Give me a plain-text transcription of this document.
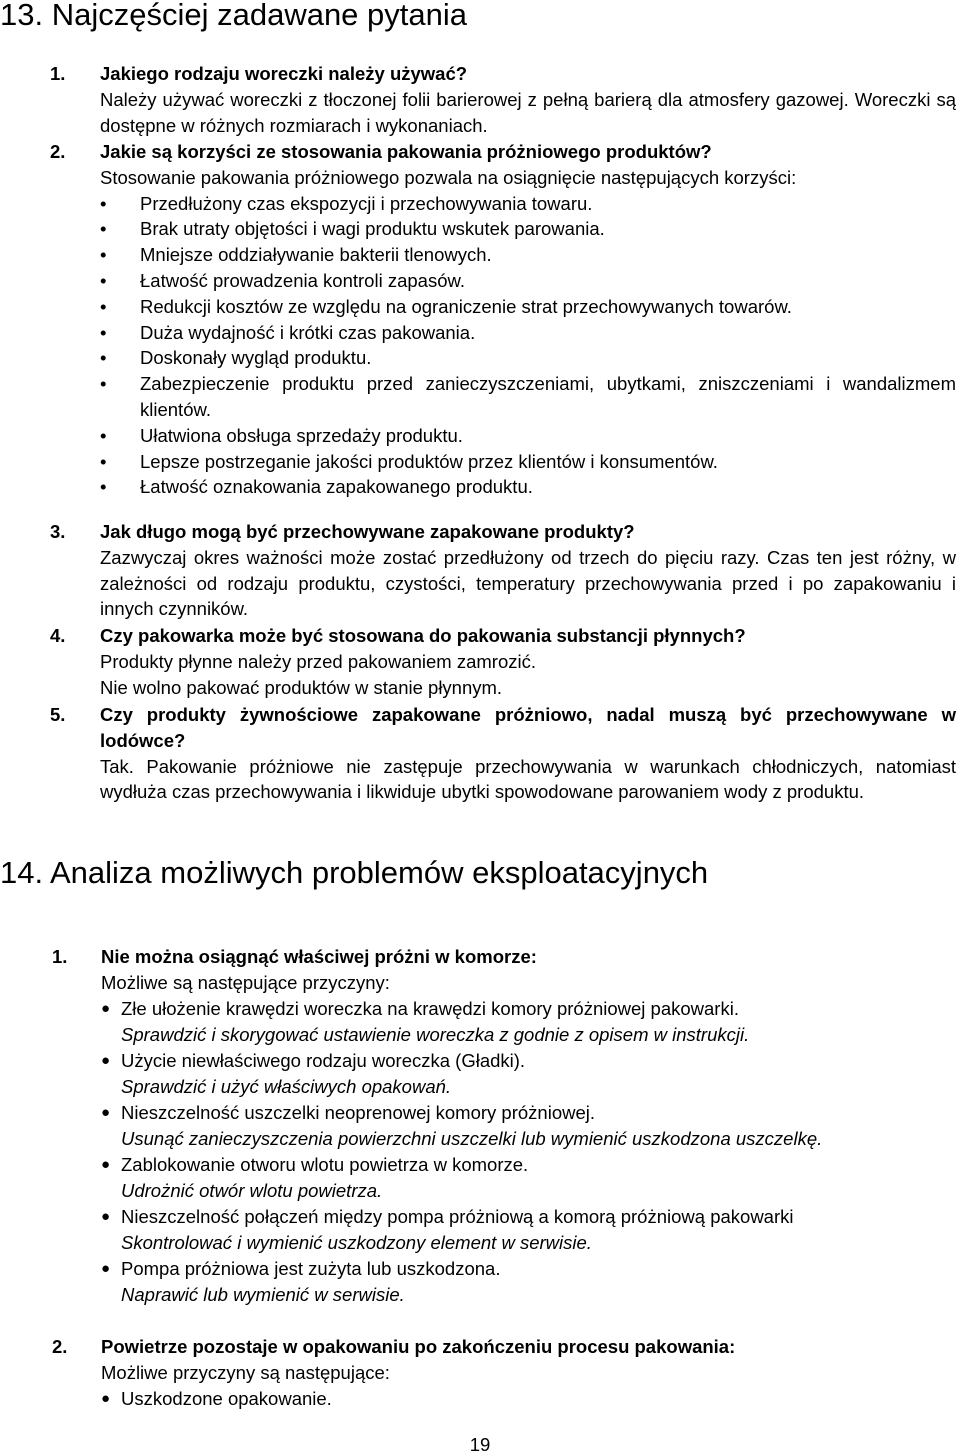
13. Najczęściej zadawane pytania
1. Jakiego rodzaju woreczki należy używać?
Należy używać woreczki z tłoczonej folii barierowej z pełną barierą dla atmosfery gazowej. Woreczki są dostępne w różnych rozmiarach i wykonaniach.
2. Jakie są korzyści ze stosowania pakowania próżniowego produktów?
Stosowanie pakowania próżniowego pozwala na osiągnięcie następujących korzyści:
• Przedłużony czas ekspozycji i przechowywania towaru.
• Brak utraty objętości i wagi produktu wskutek parowania.
• Mniejsze oddziaływanie bakterii tlenowych.
• Łatwość prowadzenia kontroli zapasów.
• Redukcji kosztów ze względu na ograniczenie strat przechowywanych towarów.
• Duża wydajność i krótki czas pakowania.
• Doskonały wygląd produktu.
• Zabezpieczenie produktu przed zanieczyszczeniami, ubytkami, zniszczeniami i wandalizmem klientów.
• Ułatwiona obsługa sprzedaży produktu.
• Lepsze postrzeganie jakości produktów przez klientów i konsumentów.
• Łatwość oznakowania zapakowanego produktu.
3. Jak długo mogą być przechowywane zapakowane produkty?
Zazwyczaj okres ważności może zostać przedłużony od trzech do pięciu razy. Czas ten jest różny, w zależności od rodzaju produktu, czystości, temperatury przechowywania przed i po zapakowaniu i innych czynników.
4. Czy pakowarka może być stosowana do pakowania substancji płynnych?
Produkty płynne należy przed pakowaniem zamrozić.
Nie wolno pakować produktów w stanie płynnym.
5. Czy produkty żywnościowe zapakowane próżniowo, nadal muszą być przechowywane w lodówce?
Tak. Pakowanie próżniowe nie zastępuje przechowywania w warunkach chłodniczych, natomiast wydłuża czas przechowywania i likwiduje ubytki spowodowane parowaniem wody z produktu.
14. Analiza możliwych problemów eksploatacyjnych
1. Nie można osiągnąć właściwej próżni w komorze:
Możliwe są następujące przyczyny:
● Złe ułożenie krawędzi woreczka na krawędzi komory próżniowej pakowarki.
Sprawdzić i skorygować ustawienie woreczka z godnie z opisem w instrukcji.
● Użycie niewłaściwego rodzaju woreczka (Gładki).
Sprawdzić i użyć właściwych opakowań.
● Nieszczelność uszczelki neoprenowej komory próżniowej.
Usunąć zanieczyszczenia powierzchni uszczelki lub wymienić uszkodzona uszczelkę.
● Zablokowanie otworu wlotu powietrza w komorze.
Udrożnić otwór wlotu powietrza.
● Nieszczelność połączeń między pompa próżniową a komorą próżniową pakowarki
Skontrolować i wymienić uszkodzony element w serwisie.
● Pompa próżniowa jest zużyta lub uszkodzona.
Naprawić lub wymienić w serwisie.
2. Powietrze pozostaje w opakowaniu po zakończeniu procesu pakowania:
Możliwe przyczyny są następujące:
● Uszkodzone opakowanie.
19
